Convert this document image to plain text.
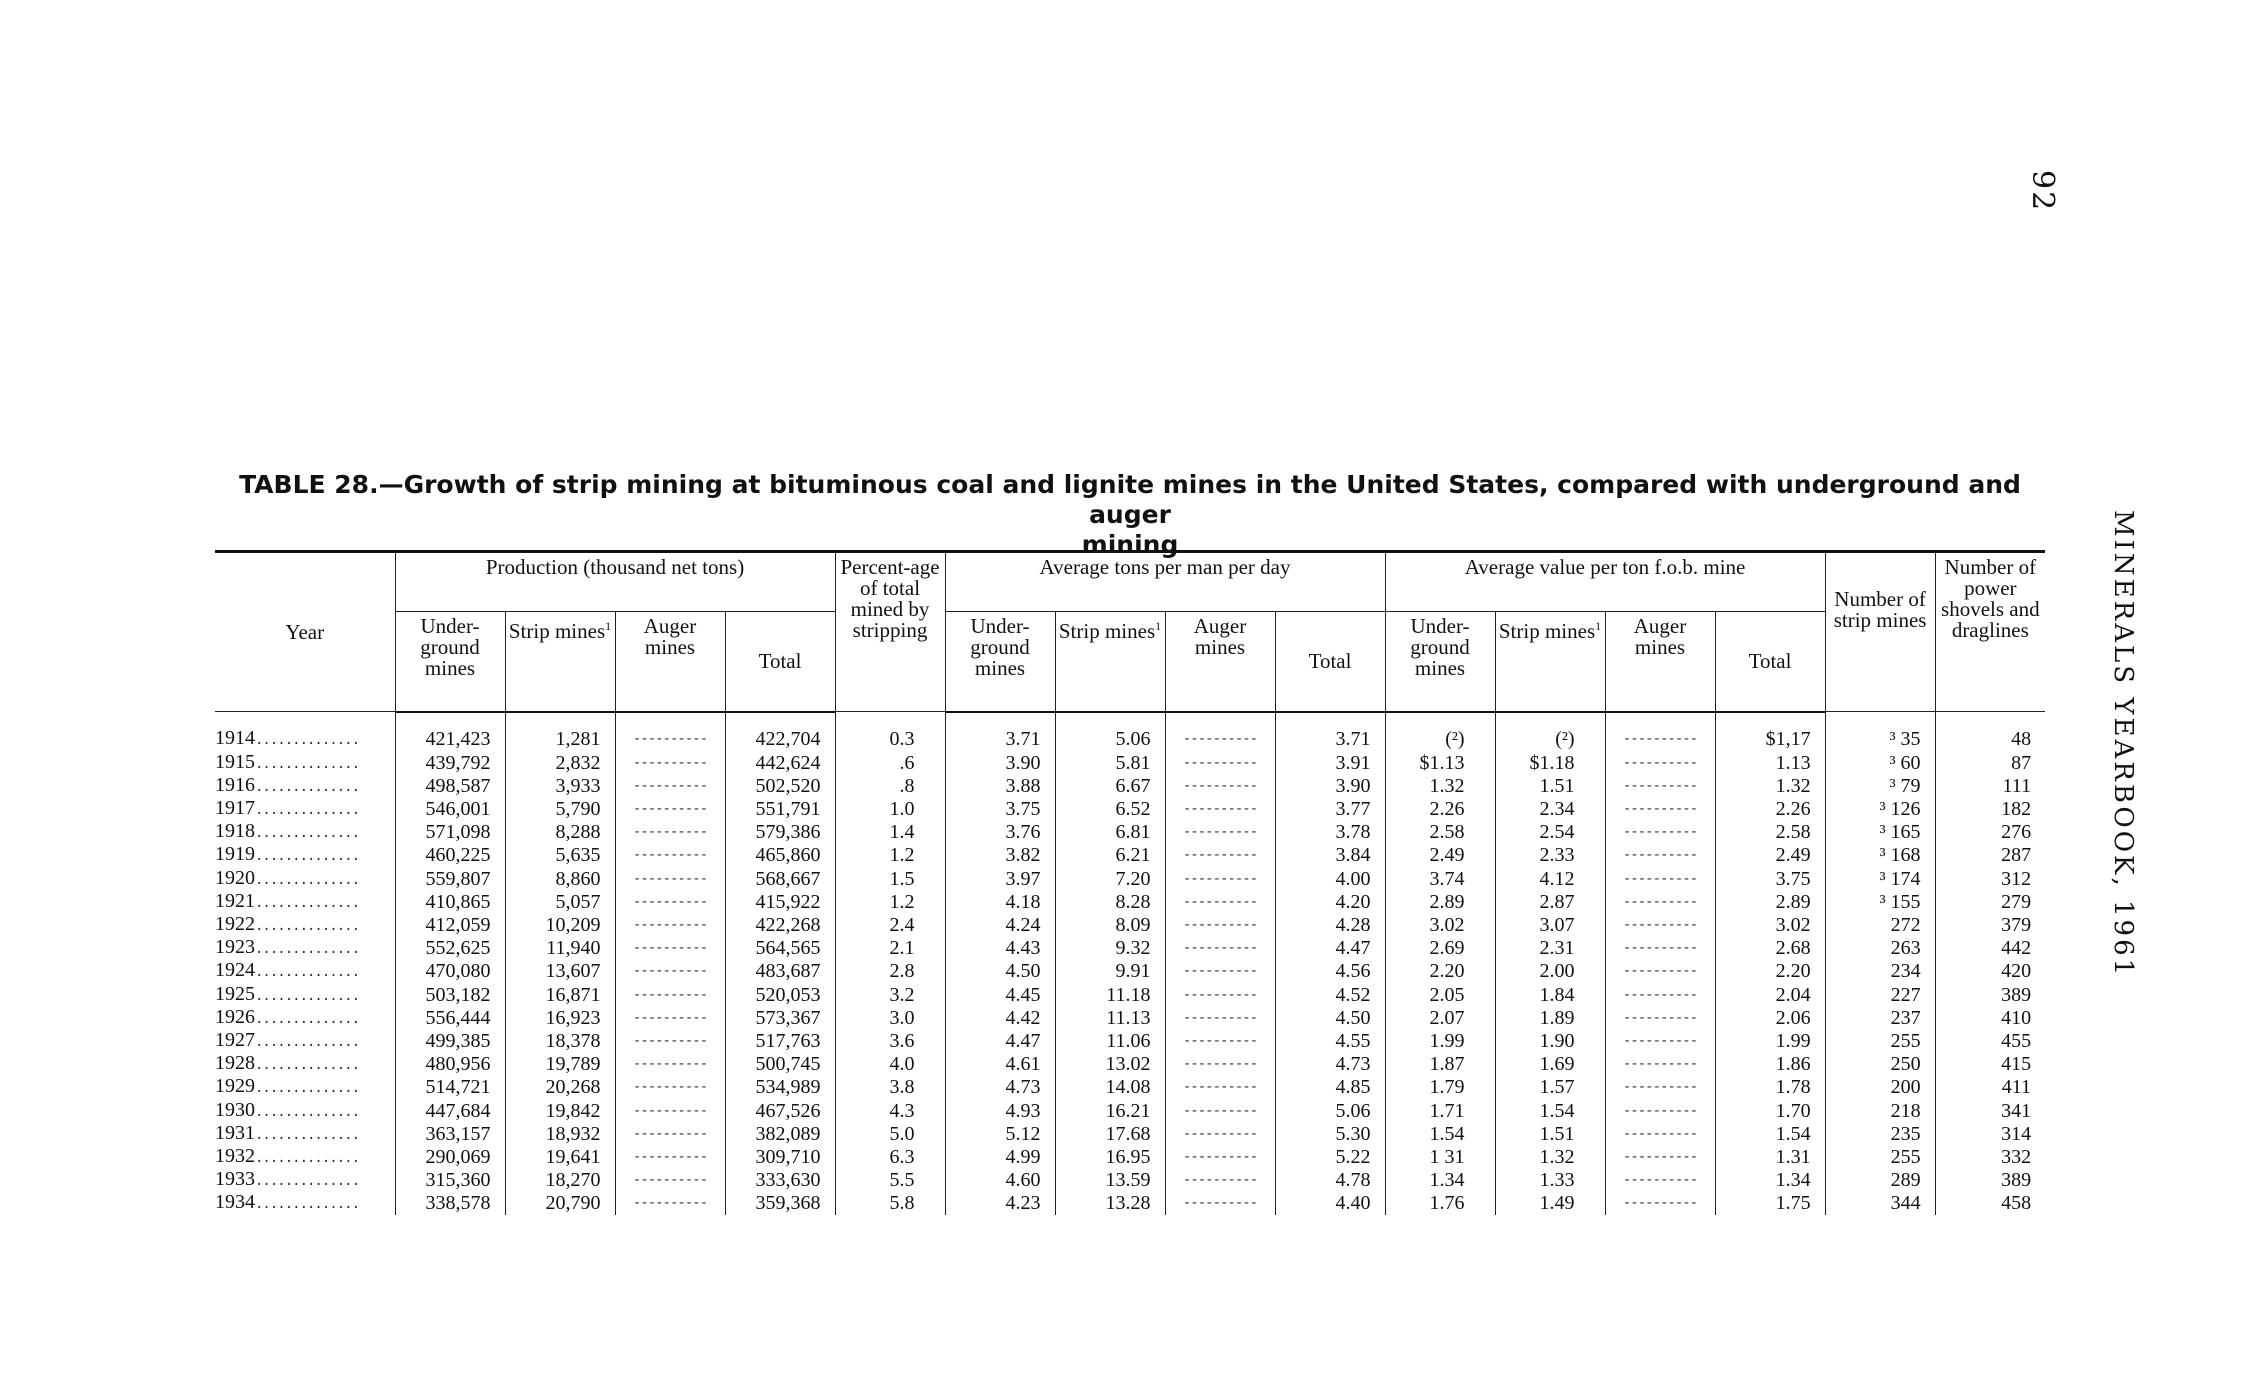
92
MINERALS YEARBOOK, 1961
TABLE 28.—Growth of strip mining at bituminous coal and lignite mines in the United States, compared with underground and auger
mining
Year	Production (thousand net tons)				Percent-age of total mined by stripping	Average tons per man per day				Average value per ton f.o.b. mine				Number of strip mines	Number of power shovels and draglines
	Under-ground mines	Strip mines$^1$	Auger mines	Total		Under-ground mines	Strip mines$^1$	Auger mines	Total	Under-ground mines	Strip mines$^1$	Auger mines	Total		
1914..............	421,423	1,281	----------	422,704	0.3	3.71	5.06	----------	3.71	(²)	(²)	----------	$1,17	³ 35	48
1915..............	439,792	2,832	----------	442,624	.6	3.90	5.81	----------	3.91	$1.13	$1.18	----------	1.13	³ 60	87
1916..............	498,587	3,933	----------	502,520	.8	3.88	6.67	----------	3.90	1.32	1.51	----------	1.32	³ 79	111
1917..............	546,001	5,790	----------	551,791	1.0	3.75	6.52	----------	3.77	2.26	2.34	----------	2.26	³ 126	182
1918..............	571,098	8,288	----------	579,386	1.4	3.76	6.81	----------	3.78	2.58	2.54	----------	2.58	³ 165	276
1919..............	460,225	5,635	----------	465,860	1.2	3.82	6.21	----------	3.84	2.49	2.33	----------	2.49	³ 168	287
1920..............	559,807	8,860	----------	568,667	1.5	3.97	7.20	----------	4.00	3.74	4.12	----------	3.75	³ 174	312
1921..............	410,865	5,057	----------	415,922	1.2	4.18	8.28	----------	4.20	2.89	2.87	----------	2.89	³ 155	279
1922..............	412,059	10,209	----------	422,268	2.4	4.24	8.09	----------	4.28	3.02	3.07	----------	3.02	272	379
1923..............	552,625	11,940	----------	564,565	2.1	4.43	9.32	----------	4.47	2.69	2.31	----------	2.68	263	442
1924..............	470,080	13,607	----------	483,687	2.8	4.50	9.91	----------	4.56	2.20	2.00	----------	2.20	234	420
1925..............	503,182	16,871	----------	520,053	3.2	4.45	11.18	----------	4.52	2.05	1.84	----------	2.04	227	389
1926..............	556,444	16,923	----------	573,367	3.0	4.42	11.13	----------	4.50	2.07	1.89	----------	2.06	237	410
1927..............	499,385	18,378	----------	517,763	3.6	4.47	11.06	----------	4.55	1.99	1.90	----------	1.99	255	455
1928..............	480,956	19,789	----------	500,745	4.0	4.61	13.02	----------	4.73	1.87	1.69	----------	1.86	250	415
1929..............	514,721	20,268	----------	534,989	3.8	4.73	14.08	----------	4.85	1.79	1.57	----------	1.78	200	411
1930..............	447,684	19,842	----------	467,526	4.3	4.93	16.21	----------	5.06	1.71	1.54	----------	1.70	218	341
1931..............	363,157	18,932	----------	382,089	5.0	5.12	17.68	----------	5.30	1.54	1.51	----------	1.54	235	314
1932..............	290,069	19,641	----------	309,710	6.3	4.99	16.95	----------	5.22	1 31	1.32	----------	1.31	255	332
1933..............	315,360	18,270	----------	333,630	5.5	4.60	13.59	----------	4.78	1.34	1.33	----------	1.34	289	389
1934..............	338,578	20,790	----------	359,368	5.8	4.23	13.28	----------	4.40	1.76	1.49	----------	1.75	344	458
